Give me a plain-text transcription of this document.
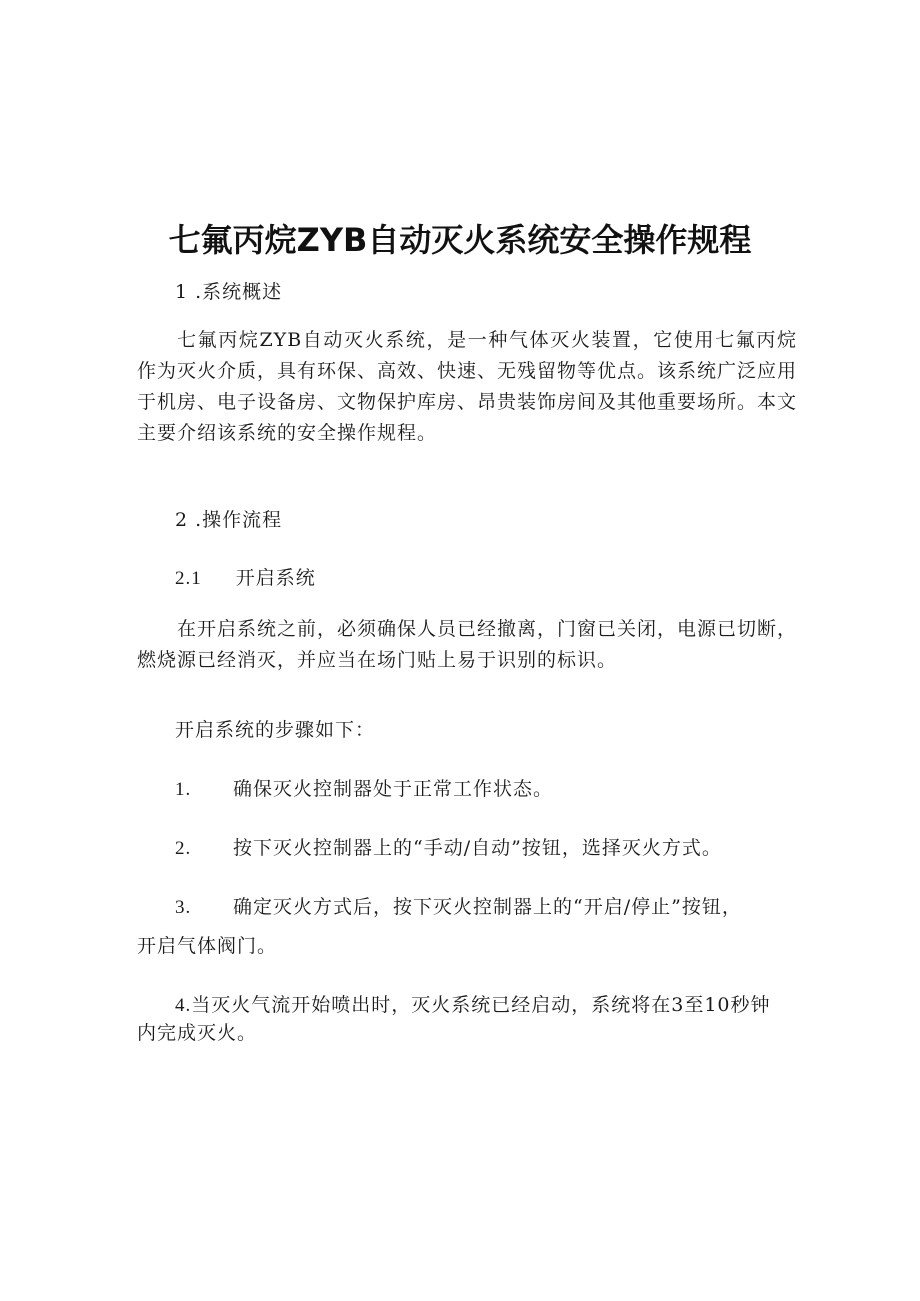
七氟丙烷ZYB自动灭火系统安全操作规程
1 .系统概述
七氟丙烷ZYB自动灭火系统，是一种气体灭火装置，它使用七氟丙烷作为灭火介质，具有环保、高效、快速、无残留物等优点。该系统广泛应用于机房、电子设备房、文物保护库房、昂贵装饰房间及其他重要场所。本文主要介绍该系统的安全操作规程。
2 .操作流程
2.1 开启系统
在开启系统之前，必须确保人员已经撤离，门窗已关闭，电源已切断，燃烧源已经消灭，并应当在场门贴上易于识别的标识。
开启系统的步骤如下：
1. 确保灭火控制器处于正常工作状态。
2. 按下灭火控制器上的“手动/自动”按钮，选择灭火方式。
3. 确定灭火方式后，按下灭火控制器上的“开启/停止”按钮，
开启气体阀门。
4.当灭火气流开始喷出时，灭火系统已经启动，系统将在3至10秒钟
内完成灭火。
